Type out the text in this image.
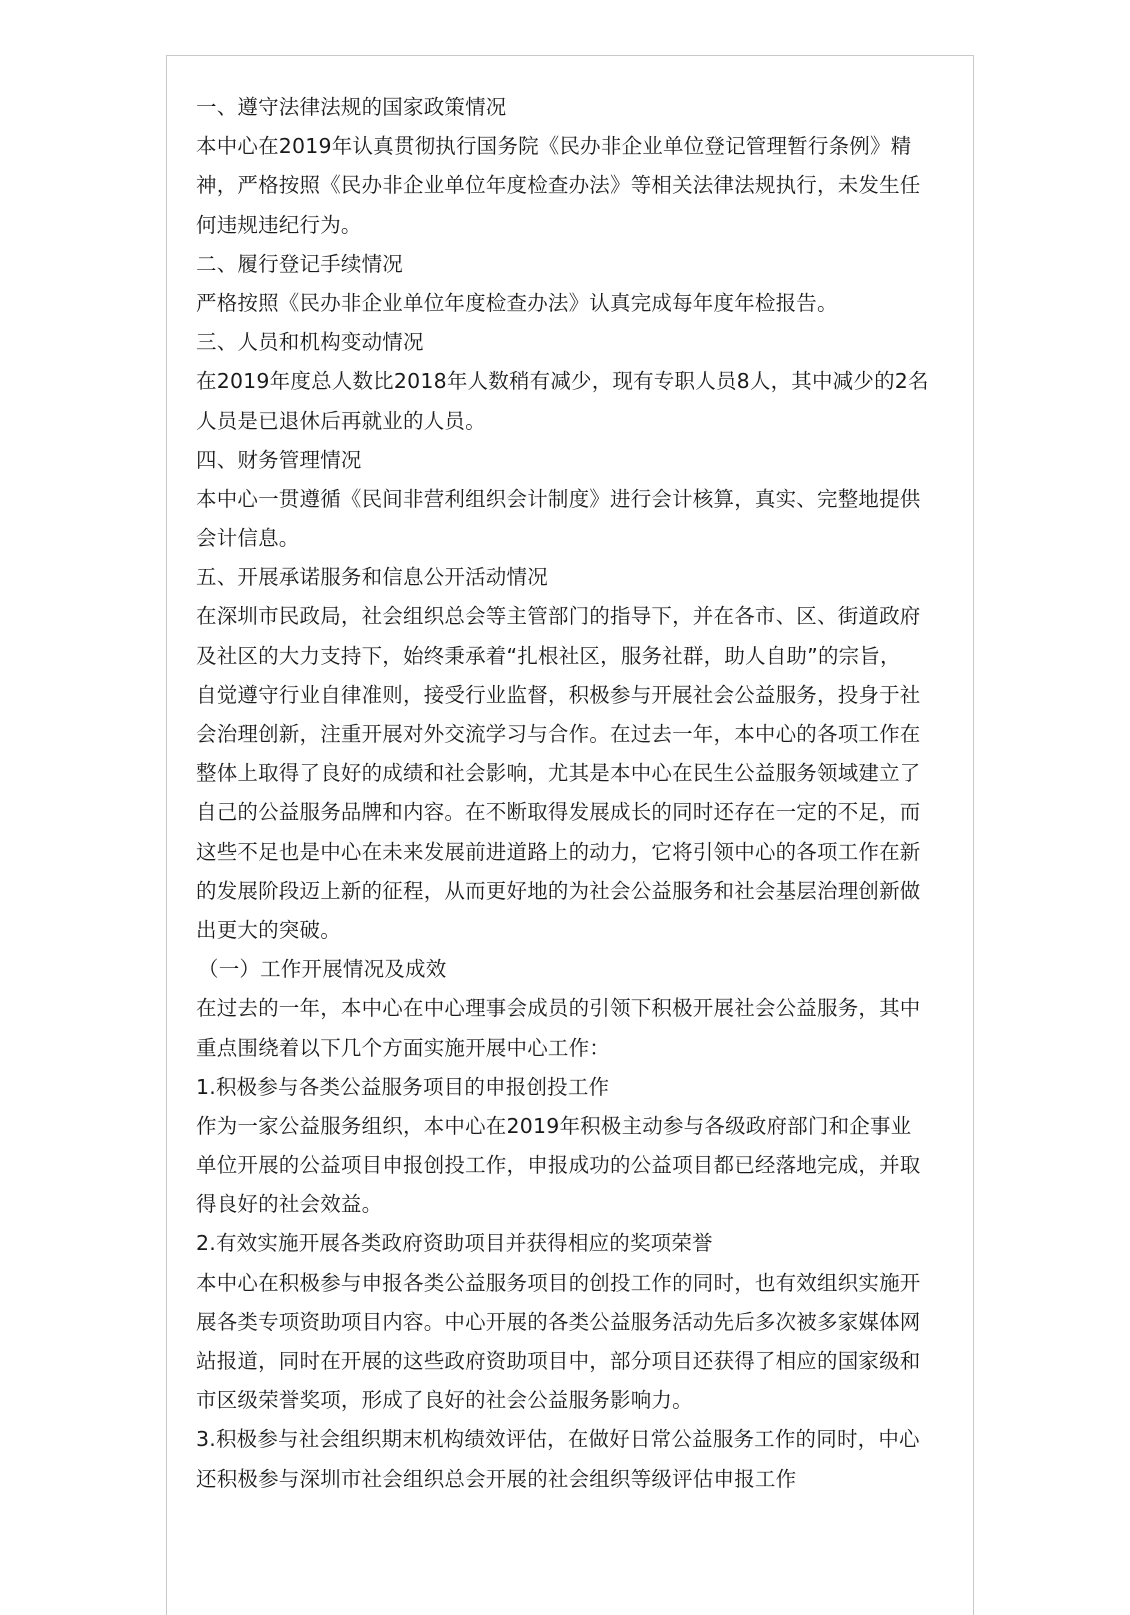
一、遵守法律法规的国家政策情况
本中心在2019年认真贯彻执行国务院《民办非企业单位登记管理暂行条例》精
神，严格按照《民办非企业单位年度检查办法》等相关法律法规执行，未发生任
何违规违纪行为。
二、履行登记手续情况
严格按照《民办非企业单位年度检查办法》认真完成每年度年检报告。
三、人员和机构变动情况
在2019年度总人数比2018年人数稍有减少，现有专职人员8人，其中减少的2名
人员是已退休后再就业的人员。
四、财务管理情况
本中心一贯遵循《民间非营利组织会计制度》进行会计核算，真实、完整地提供
会计信息。
五、开展承诺服务和信息公开活动情况
在深圳市民政局，社会组织总会等主管部门的指导下，并在各市、区、街道政府
及社区的大力支持下，始终秉承着“扎根社区，服务社群，助人自助”的宗旨，
自觉遵守行业自律准则，接受行业监督，积极参与开展社会公益服务，投身于社
会治理创新，注重开展对外交流学习与合作。在过去一年，本中心的各项工作在
整体上取得了良好的成绩和社会影响，尤其是本中心在民生公益服务领域建立了
自己的公益服务品牌和内容。在不断取得发展成长的同时还存在一定的不足，而
这些不足也是中心在未来发展前进道路上的动力，它将引领中心的各项工作在新
的发展阶段迈上新的征程，从而更好地的为社会公益服务和社会基层治理创新做
出更大的突破。
（一）工作开展情况及成效
在过去的一年，本中心在中心理事会成员的引领下积极开展社会公益服务，其中
重点围绕着以下几个方面实施开展中心工作：
1.积极参与各类公益服务项目的申报创投工作
作为一家公益服务组织，本中心在2019年积极主动参与各级政府部门和企事业
单位开展的公益项目申报创投工作，申报成功的公益项目都已经落地完成，并取
得良好的社会效益。
2.有效实施开展各类政府资助项目并获得相应的奖项荣誉
本中心在积极参与申报各类公益服务项目的创投工作的同时，也有效组织实施开
展各类专项资助项目内容。中心开展的各类公益服务活动先后多次被多家媒体网
站报道，同时在开展的这些政府资助项目中，部分项目还获得了相应的国家级和
市区级荣誉奖项，形成了良好的社会公益服务影响力。
3.积极参与社会组织期末机构绩效评估，在做好日常公益服务工作的同时，中心
还积极参与深圳市社会组织总会开展的社会组织等级评估申报工作
